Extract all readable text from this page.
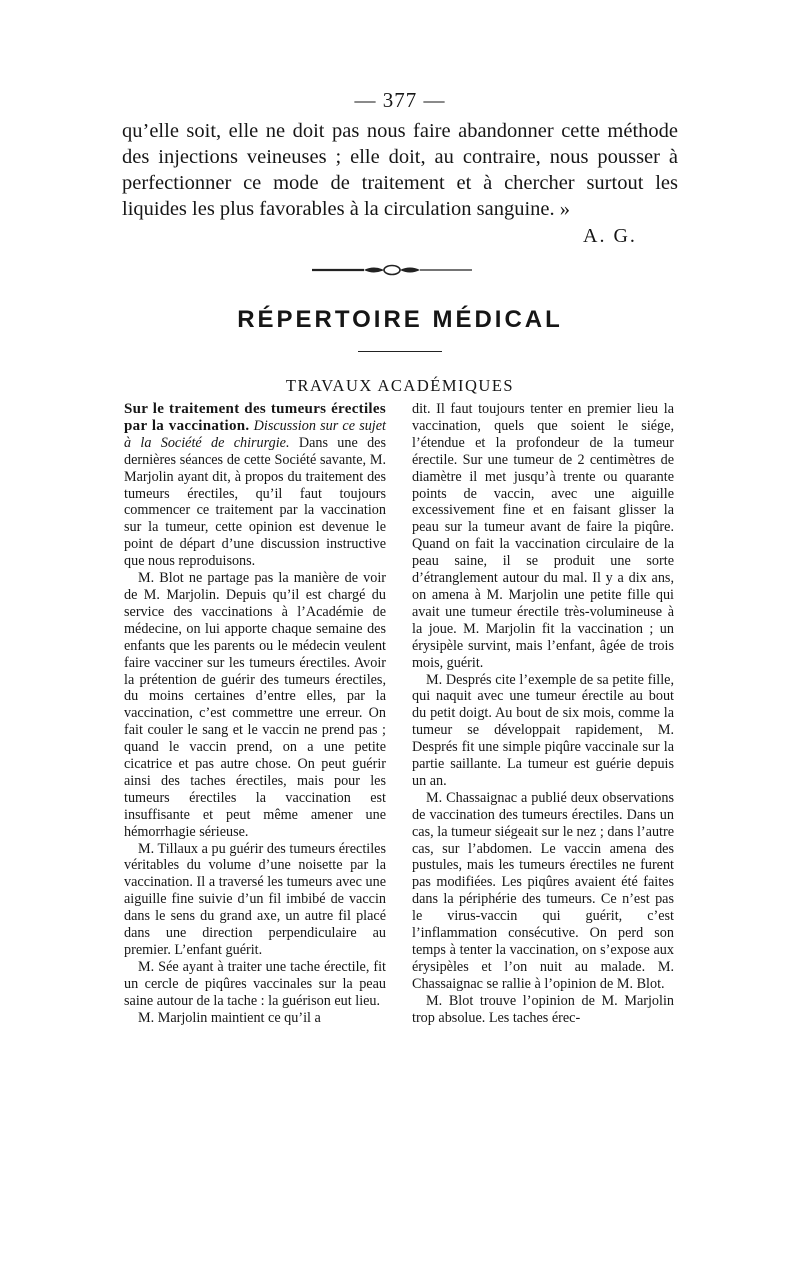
— 377 —

qu’elle soit, elle ne doit pas nous faire abandonner cette méthode des injections veineuses ; elle doit, au contraire, nous pousser à perfectionner ce mode de traitement et à chercher surtout les liquides les plus favorables à la circulation sanguine. »

A. G.
RÉPERTOIRE MÉDICAL
TRAVAUX ACADÉMIQUES

Sur le traitement des tumeurs érectiles par la vaccination. Discussion sur ce sujet à la Société de chirurgie. Dans une des dernières séances de cette Société savante, M. Marjolin ayant dit, à propos du traitement des tumeurs érectiles, qu’il faut toujours commencer ce traitement par la vaccination sur la tumeur, cette opinion est devenue le point de départ d’une discussion instructive que nous reproduisons.

M. Blot ne partage pas la manière de voir de M. Marjolin. Depuis qu’il est chargé du service des vaccinations à l’Académie de médecine, on lui apporte chaque semaine des enfants que les parents ou le médecin veulent faire vacciner sur les tumeurs érectiles. Avoir la prétention de guérir des tumeurs érectiles, du moins certaines d’entre elles, par la vaccination, c’est commettre une erreur. On fait couler le sang et le vaccin ne prend pas ; quand le vaccin prend, on a une petite cicatrice et pas autre chose. On peut guérir ainsi des taches érectiles, mais pour les tumeurs érectiles la vaccination est insuffisante et peut même amener une hémorrhagie sérieuse.

M. Tillaux a pu guérir des tumeurs érectiles véritables du volume d’une noisette par la vaccination. Il a traversé les tumeurs avec une aiguille fine suivie d’un fil imbibé de vaccin dans le sens du grand axe, un autre fil placé dans une direction perpendiculaire au premier. L’enfant guérit.

M. Sée ayant à traiter une tache érectile, fit un cercle de piqûres vaccinales sur la peau saine autour de la tache : la guérison eut lieu.

M. Marjolin maintient ce qu’il a

dit. Il faut toujours tenter en premier lieu la vaccination, quels que soient le siége, l’étendue et la profondeur de la tumeur érectile. Sur une tumeur de 2 centimètres de diamètre il met jusqu’à trente ou quarante points de vaccin, avec une aiguille excessivement fine et en faisant glisser la peau sur la tumeur avant de faire la piqûre. Quand on fait la vaccination circulaire de la peau saine, il se produit une sorte d’étranglement autour du mal. Il y a dix ans, on amena à M. Marjolin une petite fille qui avait une tumeur érectile très-volumineuse à la joue. M. Marjolin fit la vaccination ; un érysipèle survint, mais l’enfant, âgée de trois mois, guérit.

M. Després cite l’exemple de sa petite fille, qui naquit avec une tumeur érectile au bout du petit doigt. Au bout de six mois, comme la tumeur se développait rapidement, M. Després fit une simple piqûre vaccinale sur la partie saillante. La tumeur est guérie depuis un an.

M. Chassaignac a publié deux observations de vaccination des tumeurs érectiles. Dans un cas, la tumeur siégeait sur le nez ; dans l’autre cas, sur l’abdomen. Le vaccin amena des pustules, mais les tumeurs érectiles ne furent pas modifiées. Les piqûres avaient été faites dans la périphérie des tumeurs. Ce n’est pas le virus-vaccin qui guérit, c’est l’inflammation consécutive. On perd son temps à tenter la vaccination, on s’expose aux érysipèles et l’on nuit au malade. M. Chassaignac se rallie à l’opinion de M. Blot.

M. Blot trouve l’opinion de M. Marjolin trop absolue. Les taches érec-
